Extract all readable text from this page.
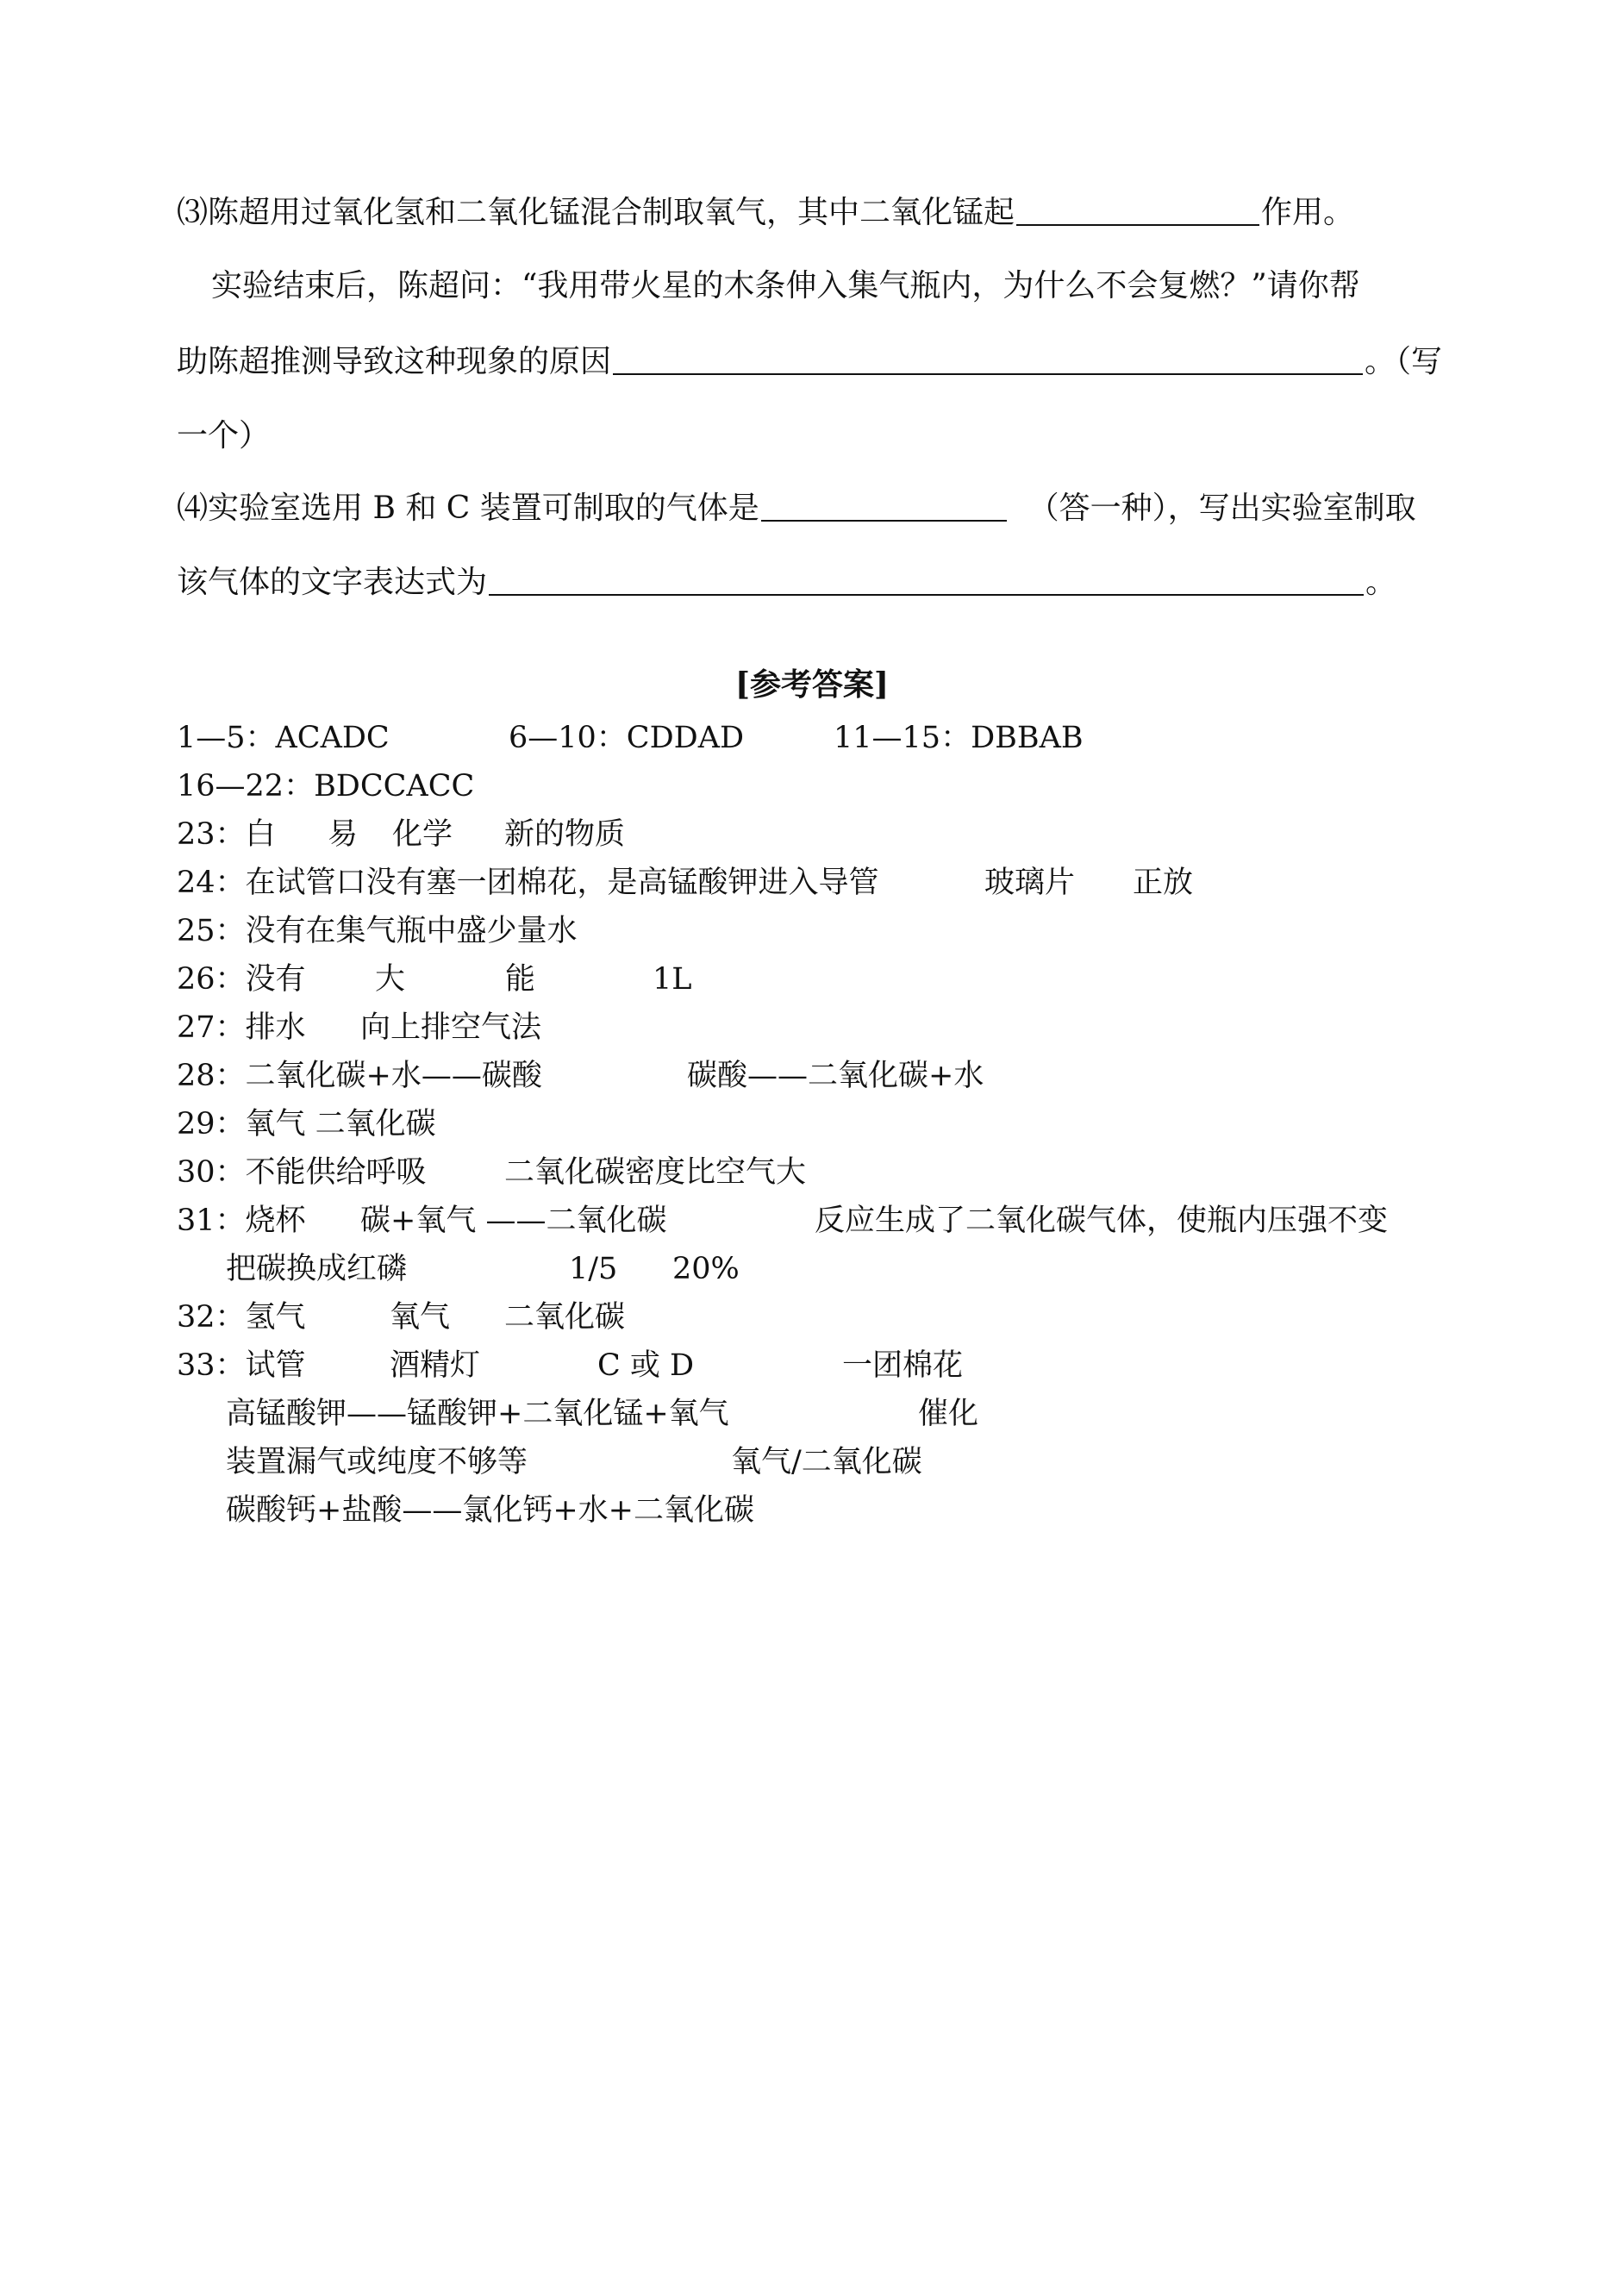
⑶陈超用过氧化氢和二氧化锰混合制取氧气，其中二氧化锰起	作用。
实验结束后，陈超问：“我用带火星的木条伸入集气瓶内，为什么不会复燃？”请你帮
助陈超推测导致这种现象的原因	。（写
一个）
⑷实验室选用 B 和 C 装置可制取的气体是	（答一种），写出实验室制取
该气体的文字表达式为	。
[参考答案]
1—5：ACADC	6—10：CDDAD	11—15：DBBAB
16—22：BDCCACC
23：白 易 化学 新的物质
24：在试管口没有塞一团棉花，是高锰酸钾进入导管	玻璃片 正放
25：没有在集气瓶中盛少量水
26：没有 大	能	1L
27：排水 向上排空气法
28：二氧化碳+水——碳酸	碳酸——二氧化碳+水
29：氧气 二氧化碳
30：不能供给呼吸	二氧化碳密度比空气大
31：烧杯 碳+氧气 ——二氧化碳	反应生成了二氧化碳气体，使瓶内压强不变
把碳换成红磷	1/5 20%
32：氢气	氧气 二氧化碳
33：试管	酒精灯	C 或 D	一团棉花
高锰酸钾——锰酸钾+二氧化锰+氧气	催化
装置漏气或纯度不够等	氧气/二氧化碳
碳酸钙+盐酸——氯化钙+水+二氧化碳
